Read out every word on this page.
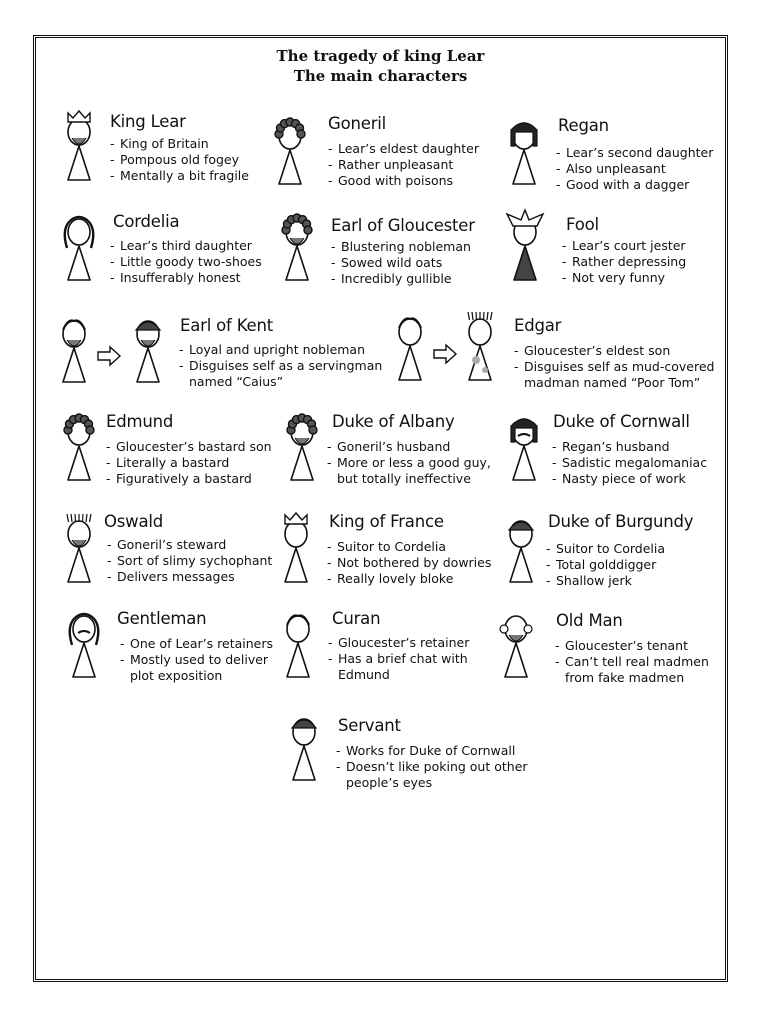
The tragedy of king Lear
The main characters
King Lear
- King of Britain
- Pompous old fogey
- Mentally a bit fragile
Goneril
- Lear’s eldest daughter
- Rather unpleasant
- Good with poisons
Regan
- Lear’s second daughter
- Also unpleasant
- Good with a dagger
Cordelia
- Lear’s third daughter
- Little goody two-shoes
- Insufferably honest
Earl of Gloucester
- Blustering nobleman
- Sowed wild oats
- Incredibly gullible
Fool
- Lear’s court jester
- Rather depressing
- Not very funny
Earl of Kent
- Loyal and upright nobleman
- Disguises self as a servingman
named “Caius”
Edgar
- Gloucester’s eldest son
- Disguises self as mud-covered
madman named “Poor Tom”
Edmund
- Gloucester’s bastard son
- Literally a bastard
- Figuratively a bastard
Duke of Albany
- Goneril’s husband
- More or less a good guy,
but totally ineffective
Duke of Cornwall
- Regan’s husband
- Sadistic megalomaniac
- Nasty piece of work
Oswald
- Goneril’s steward
- Sort of slimy sychophant
- Delivers messages
King of France
- Suitor to Cordelia
- Not bothered by dowries
- Really lovely bloke
Duke of Burgundy
- Suitor to Cordelia
- Total golddigger
- Shallow jerk
Gentleman
- One of Lear’s retainers
- Mostly used to deliver
plot exposition
Curan
- Gloucester’s retainer
- Has a brief chat with
Edmund
Old Man
- Gloucester’s tenant
- Can’t tell real madmen
from fake madmen
Servant
- Works for Duke of Cornwall
- Doesn’t like poking out other
people’s eyes
